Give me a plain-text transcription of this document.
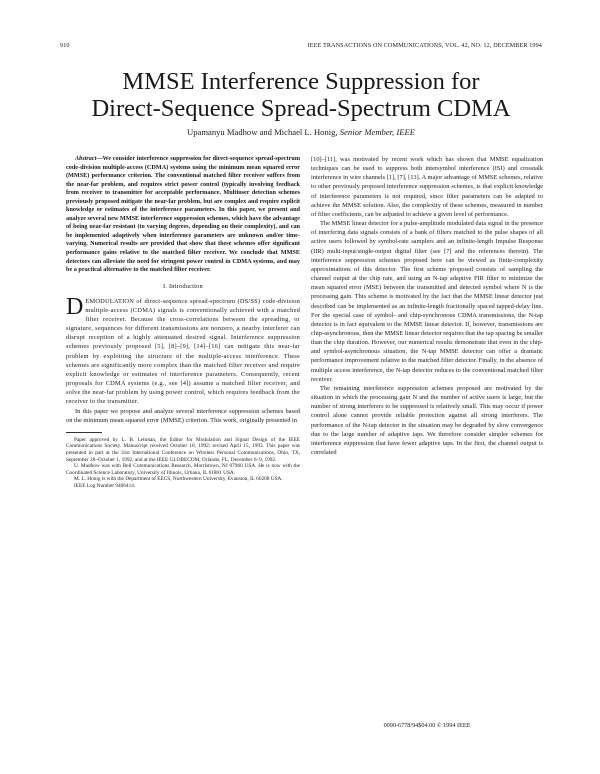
910	IEEE TRANSACTIONS ON COMMUNICATIONS, VOL. 42, NO. 12, DECEMBER 1994
MMSE Interference Suppression for
Direct-Sequence Spread-Spectrum CDMA
Upamanyu Madhow and Michael L. Honig, Senior Member, IEEE

Abstract—We consider interference suppression for direct-sequence spread-spectrum code-division multiple-access (CDMA) systems using the minimum mean squared error (MMSE) performance criterion. The conventional matched filter receiver suffers from the near-far problem, and requires strict power control (typically involving feedback from receiver to transmitter for acceptable performance. Multiuser detection schemes previously proposed mitigate the near-far problem, but are complex and require explicit knowledge or estimates of the interference parameters. In this paper, we present and analyze several new MMSE interference suppression schemes, which have the advantage of being near-far resistant (to varying degrees, depending on their complexity), and can be implemented adaptively when interference parameters are unknown and/or time-varying. Numerical results are provided that show that these schemes offer significant performance gains relative to the matched filter receiver. We conclude that MMSE detectors can alleviate the need for stringent power control in CDMA systems, and may be a practical alternative to the matched filter receiver.

I. Introduction

DEMODULATION of direct-sequence spread-spectrum (DS/SS) code-division multiple-access (CDMA) signals is conventionally achieved with a matched filter receiver. Because the cross-correlations between the spreading, or signature, sequences for different transmissions are nonzero, a nearby interferer can disrupt reception of a highly attenuated desired signal. Interference suppression schemes previously proposed [5], [8]–[9], [14]–[16] can mitigate this near-far problem by exploiting the structure of the multiple-access interference. These schemes are significantly more complex than the matched filter receiver and require explicit knowledge or estimates of interference parameters. Consequently, recent proposals for CDMA systems (e.g., see [4]) assume a matched filter receiver, and solve the near-far problem by using power control, which requires feedback from the receiver to the transmitter.

In this paper we propose and analyze several interference suppression schemes based on the minimum mean squared error (MMSE) criterion. This work, originally presented in

Paper approved by L. B. Lehman, the Editor for Modulation and Signal Design of the IEEE Communications Society. Manuscript received October 18, 1992; revised April 15, 1993. This paper was presented in part at the 31st International Conference on Wireless Personal Communications, Ohio, TX, September 28–October 1, 1992, and at the IEEE GLOBECOM, Orlando, FL, December 6–9, 1992.

U. Madhow was with Bell Communications Research, Morristown, NJ 07960 USA. He is now with the Coordinated Science Laboratory, University of Illinois, Urbana, IL 61801 USA.

M. L. Honig is with the Department of EECS, Northwestern University, Evanston, IL 60208 USA.

IEEE Log Number 9406414.

[10]–[11], was motivated by recent work which has shown that MMSE equalization techniques can be used to suppress both intersymbol interference (ISI) and crosstalk interference in wire channels [1], [7], [13]. A major advantage of MMSE schemes, relative to other previously proposed interference suppression schemes, is that explicit knowledge of interference parameters is not required, since filter parameters can be adapted to achieve the MMSE solution. Also, the complexity of these schemes, measured in number of filter coefficients, can be adjusted to achieve a given level of performance.

The MMSE linear detector for a pulse-amplitude modulated data signal in the presence of interfering data signals consists of a bank of filters matched to the pulse shapes of all active users followed by symbol-rate samplers and an infinite-length Impulse Response (IIR) multi-input/single-output digital filter (see [7] and the references therein). The interference suppression schemes proposed here can be viewed as finite-complexity approximations of this detector. The first scheme proposed consists of sampling the channel output at the chip rate, and using an N-tap adaptive FIR filter to minimize the mean squared error (MSE) between the transmitted and detected symbol where N is the processing gain. This scheme is motivated by the fact that the MMSE linear detector just described can be implemented as an infinite-length fractionally spaced tapped-delay line. For the special case of symbol- and chip-synchronous CDMA transmissions, the N-tap detector is in fact equivalent to the MMSE linear detector. If, however, transmissions are chip-asynchronous, then the MMSE linear detector requires that the tap spacing be smaller than the chip duration. However, our numerical results demonstrate that even in the chip- and symbol-asynchronous situation, the N-tap MMSE detector can offer a dramatic performance improvement relative to the matched filter detector. Finally, in the absence of multiple access interference, the N-tap detector reduces to the conventional matched filter receiver.

The remaining interference suppression schemes proposed are motivated by the situation in which the processing gain N and the number of active users is large, but the number of strong interferers to be suppressed is relatively small. This may occur if power control alone cannot provide reliable protection against all strong interferers. The performance of the N-tap detector in the situation may be degraded by slow convergence due to the large number of adaptive taps. We therefore consider simpler schemes for interference suppression that have fewer adaptive taps. In the first, the channel output is correlated

0090-6778/94$04.00 © 1994 IEEE
